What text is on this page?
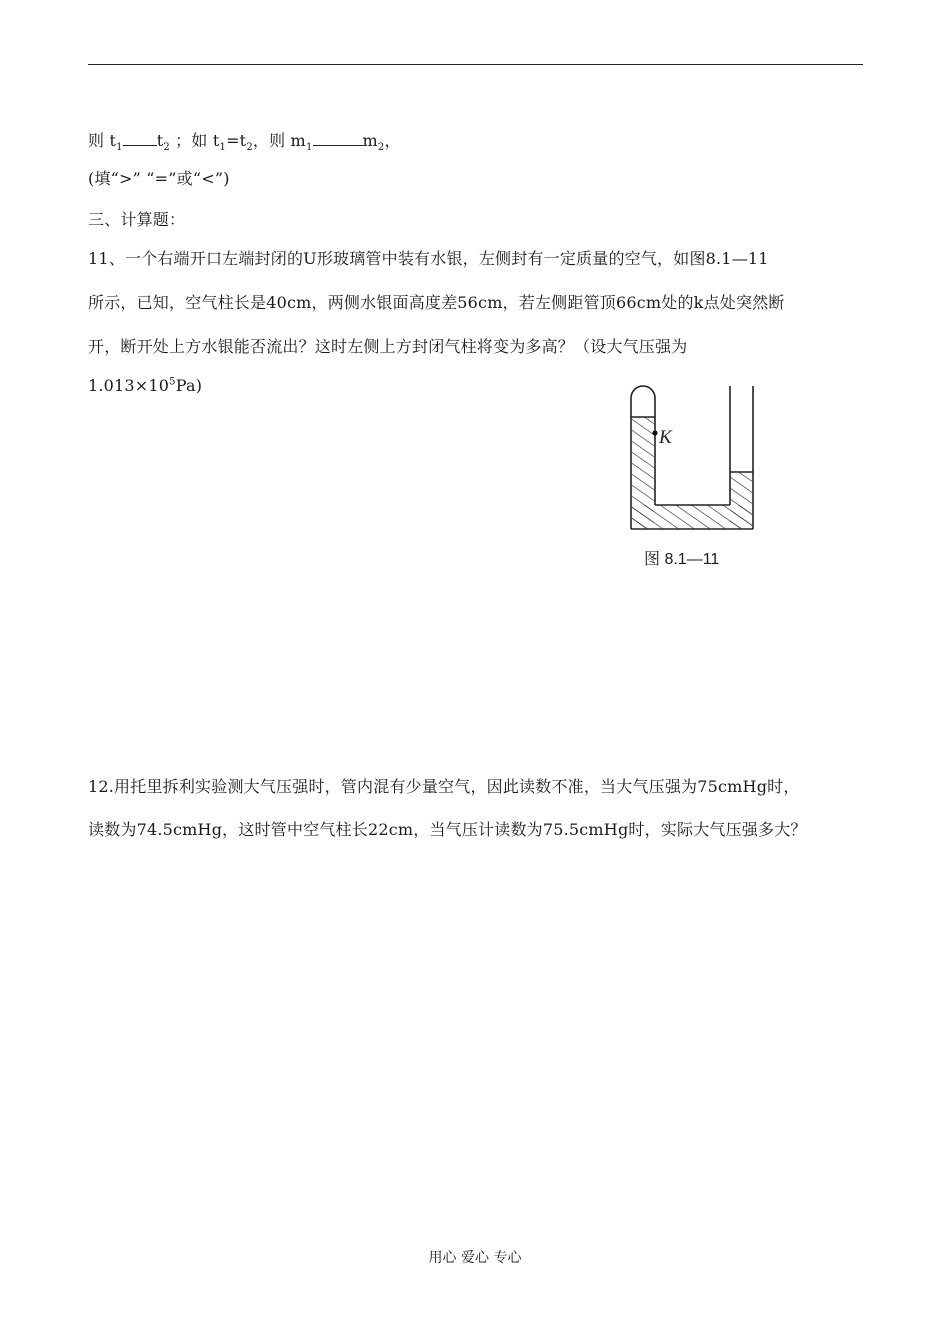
则 $t_1$ $t_2$ ；如 $t_1=t_2$，则 $m_1$	$m_2$，
(填“>” “=”或“<”)
三、计算题：
11、一个右端开口左端封闭的U形玻璃管中装有水银，左侧封有一定质量的空气，如图8.1—11
所示，已知，空气柱长是40cm，两侧水银面高度差56cm，若左侧距管顶66cm处的k点处突然断
开，断开处上方水银能否流出？这时左侧上方封闭气柱将变为多高？（设大气压强为
$1.013\times 10^5Pa$)
K
图 8.1—11
12.用托里拆利实验测大气压强时，管内混有少量空气，因此读数不准，当大气压强为75cmHg时，
读数为74.5cmHg，这时管中空气柱长22cm，当气压计读数为75.5cmHg时，实际大气压强多大？
用心 爱心 专心
